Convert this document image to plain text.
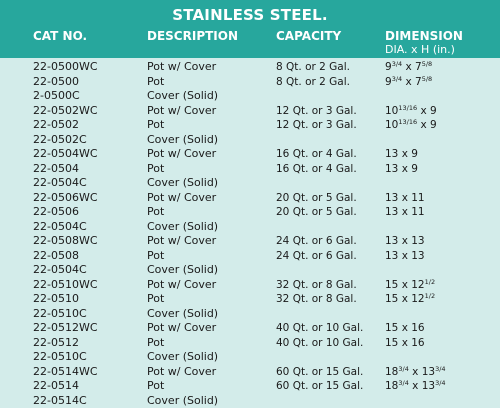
STAINLESS STEEL.
CAT NO.	DESCRIPTION	CAPACITY	DIMENSION
DIA. x H (in.)
22-0500WC	Pot w/ Cover	8 Qt. or 2 Gal.	$9^{3/4}$ x $7^{5/8}$
22-0500	Pot	8 Qt. or 2 Gal.	$9^{3/4}$ x $7^{5/8}$
2-0500C	Cover (Solid)
22-0502WC	Pot w/ Cover	12 Qt. or 3 Gal.	$10^{13/16}$ x 9
22-0502	Pot	12 Qt. or 3 Gal.	$10^{13/16}$ x 9
22-0502C	Cover (Solid)
22-0504WC	Pot w/ Cover	16 Qt. or 4 Gal.	13 x 9
22-0504	Pot	16 Qt. or 4 Gal.	13 x 9
22-0504C	Cover (Solid)
22-0506WC	Pot w/ Cover	20 Qt. or 5 Gal.	13 x 11
22-0506	Pot	20 Qt. or 5 Gal.	13 x 11
22-0504C	Cover (Solid)
22-0508WC	Pot w/ Cover	24 Qt. or 6 Gal.	13 x 13
22-0508	Pot	24 Qt. or 6 Gal.	13 x 13
22-0504C	Cover (Solid)
22-0510WC	Pot w/ Cover	32 Qt. or 8 Gal.	15 x $12^{1/2}$
22-0510	Pot	32 Qt. or 8 Gal.	15 x $12^{1/2}$
22-0510C	Cover (Solid)
22-0512WC	Pot w/ Cover	40 Qt. or 10 Gal. 15 x 16
22-0512	Pot	40 Qt. or 10 Gal. 15 x 16
22-0510C	Cover (Solid)
22-0514WC	Pot w/ Cover	60 Qt. or 15 Gal. $18^{3/4}$ x $13^{3/4}$
22-0514	Pot	60 Qt. or 15 Gal. $18^{3/4}$ x $13^{3/4}$
22-0514C	Cover (Solid)
